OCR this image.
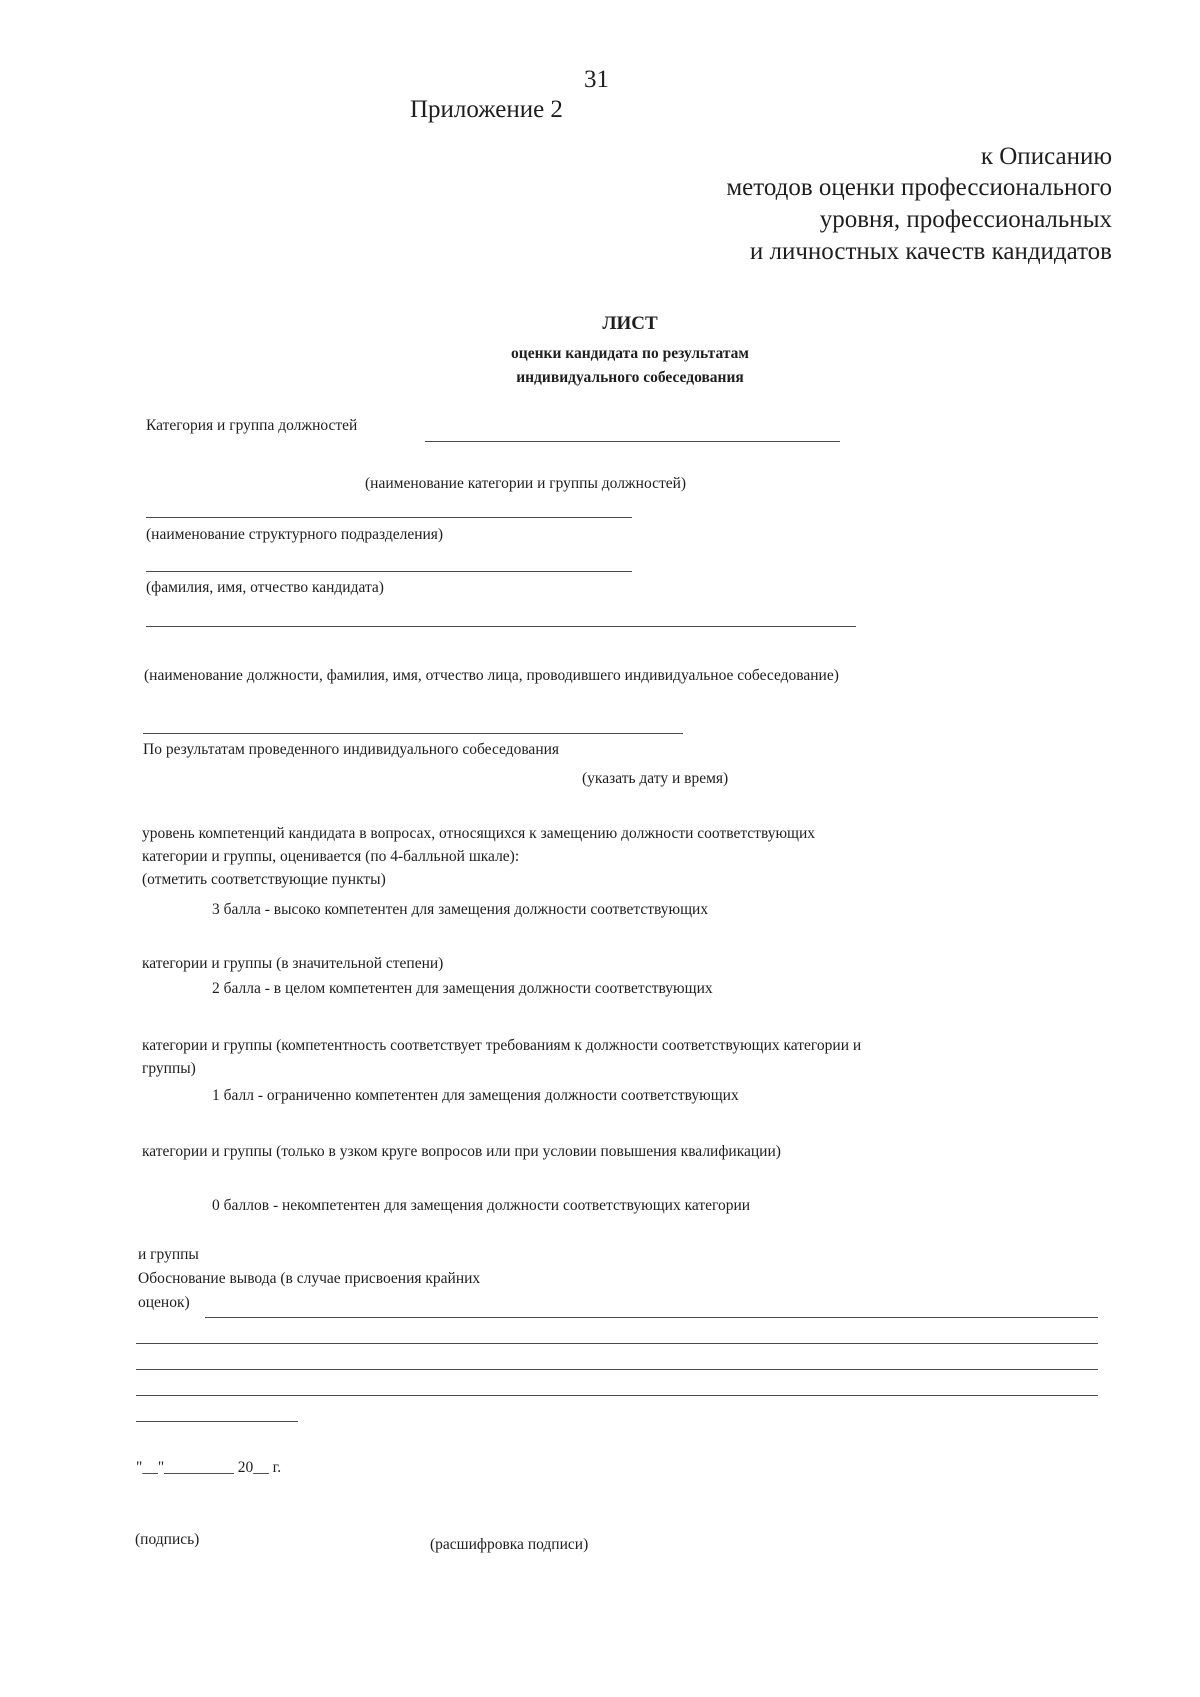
31
Приложение 2
к Описанию
методов оценки профессионального
уровня, профессиональных
и личностных качеств кандидатов
ЛИСТ
оценки кандидата по результатам
индивидуального собеседования
Категория и группа должностей
(наименование категории и группы должностей)
(наименование структурного подразделения)
(фамилия, имя, отчество кандидата)
(наименование должности, фамилия, имя, отчество лица, проводившего индивидуальное собеседование)
По результатам проведенного индивидуального собеседования
(указать дату и время)
уровень компетенций кандидата в вопросах, относящихся к замещению должности соответствующих
категории и группы, оценивается (по 4-балльной шкале):
(отметить соответствующие пункты)
3 балла - высоко компетентен для замещения должности соответствующих
категории и группы (в значительной степени)
2 балла - в целом компетентен для замещения должности соответствующих
категории и группы (компетентность соответствует требованиям к должности соответствующих категории и
группы)
1 балл - ограниченно компетентен для замещения должности соответствующих
категории и группы (только в узком круге вопросов или при условии повышения квалификации)
0 баллов - некомпетентен для замещения должности соответствующих категории
и группы
Обоснование вывода (в случае присвоения крайних
оценок)
"__"_________ 20__ г.
(подпись)	(расшифровка подписи)
